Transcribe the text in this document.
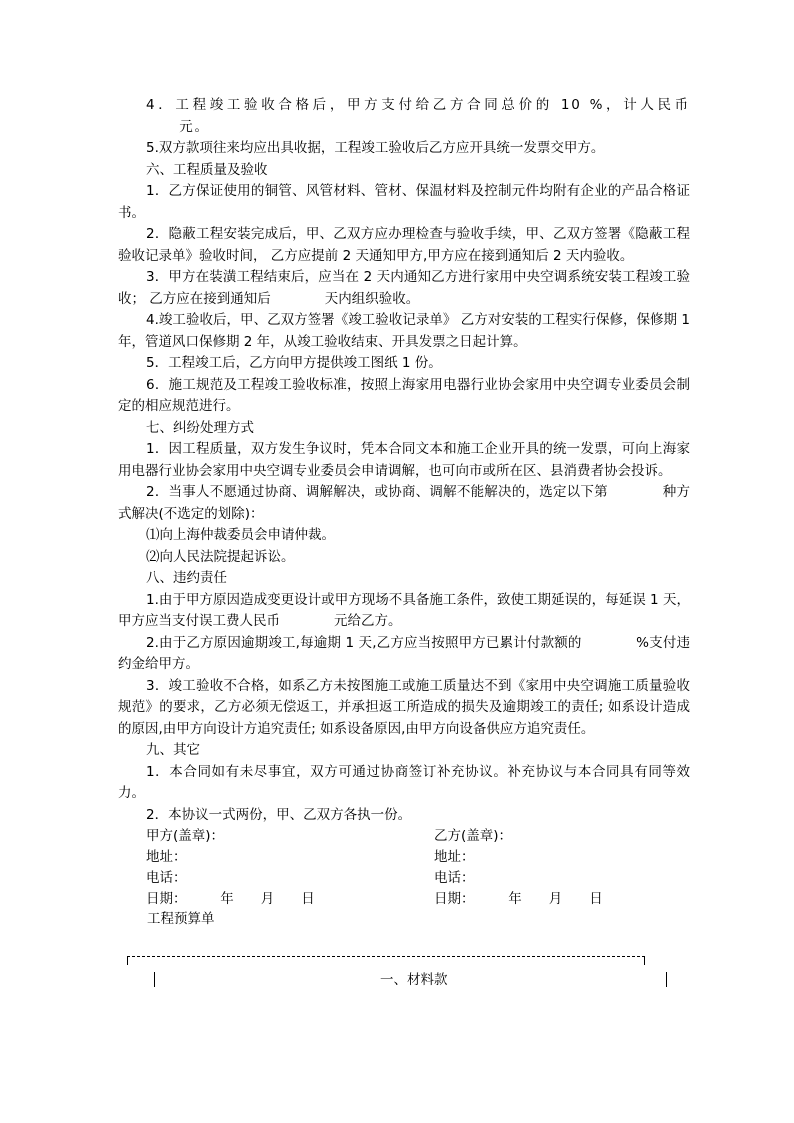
4．工程竣工验收合格后，甲方支付给乙方合同总价的 10 %，计人民币 　　　　元。

5.双方款项往来均应出具收据，工程竣工验收后乙方应开具统一发票交甲方。

六、工程质量及验收

1．乙方保证使用的铜管、风管材料、管材、保温材料及控制元件均附有企业的产品合格证书。

2．隐蔽工程安装完成后，甲、乙双方应办理检查与验收手续，甲、乙双方签署《隐蔽工程验收记录单》验收时间， 乙方应提前 2 天通知甲方,甲方应在接到通知后 2 天内验收。

3．甲方在装潢工程结束后，应当在 2 天内通知乙方进行家用中央空调系统安装工程竣工验收； 乙方应在接到通知后　　　　天内组织验收。

4.竣工验收后，甲、乙双方签署《竣工验收记录单》 乙方对安装的工程实行保修，保修期 1 年，管道风口保修期 2 年，从竣工验收结束、开具发票之日起计算。

5．工程竣工后，乙方向甲方提供竣工图纸 1 份。

6．施工规范及工程竣工验收标准，按照上海家用电器行业协会家用中央空调专业委员会制定的相应规范进行。

七、纠纷处理方式

1．因工程质量，双方发生争议时，凭本合同文本和施工企业开具的统一发票，可向上海家用电器行业协会家用中央空调专业委员会申请调解，也可向市或所在区、县消费者协会投诉。

2．当事人不愿通过协商、调解解决，或协商、调解不能解决的，选定以下第　　　　种方式解决(不选定的划除)：

⑴向上海仲裁委员会申请仲裁。

⑵向人民法院提起诉讼。

八、违约责任

1.由于甲方原因造成变更设计或甲方现场不具备施工条件，致使工期延误的，每延误 1 天，甲方应当支付误工费人民币　　　　元给乙方。

2.由于乙方原因逾期竣工,每逾期 1 天,乙方应当按照甲方已累计付款额的　　　　%支付违约金给甲方。

3．竣工验收不合格，如系乙方未按图施工或施工质量达不到《家用中央空调施工质量验收规范》的要求，乙方必须无偿返工，并承担返工所造成的损失及逾期竣工的责任; 如系设计造成的原因,由甲方向设计方追究责任; 如系设备原因,由甲方向设备供应方追究责任。

九、其它

1．本合同如有未尽事宜，双方可通过协商签订补充协议。补充协议与本合同具有同等效力。

2．本协议一式两份，甲、乙双方各执一份。

甲方(盖章)：	乙方(盖章)：
地址：	地址：
电话：	电话：
日期：　　　年　　月　　日	日期：　　　年　　月　　日
工程预算单
一、材料款
